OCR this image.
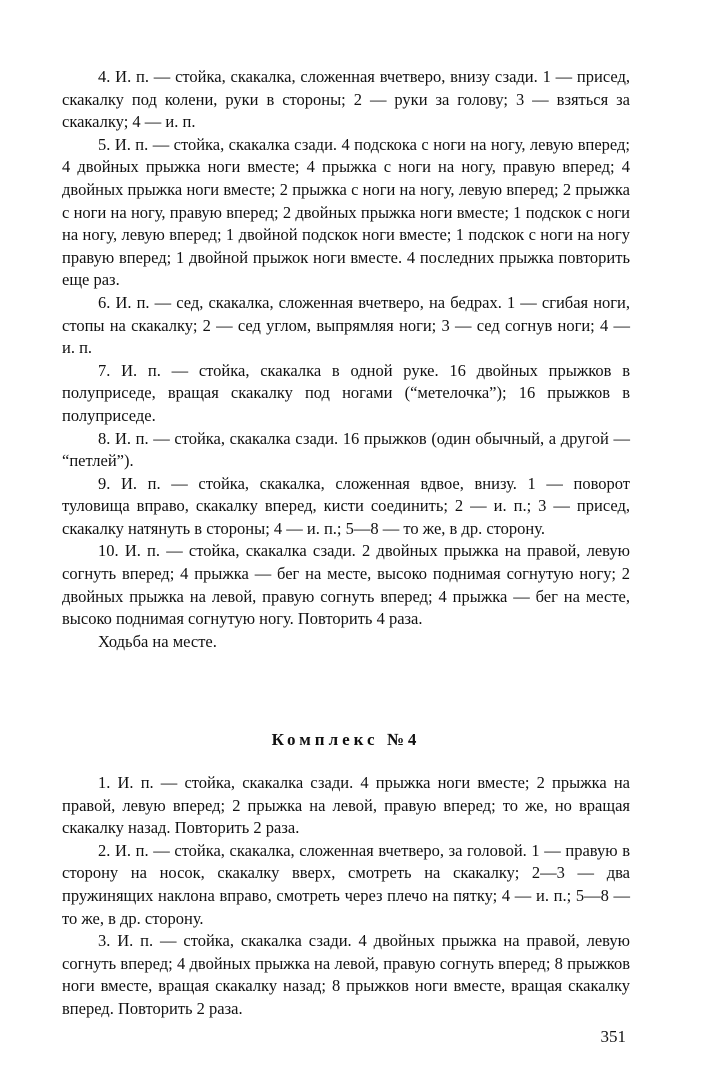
4. И. п. — стойка, скакалка, сложенная вчетверо, внизу сзади. 1 — присед, скакалку под колени, руки в стороны; 2 — руки за голову; 3 — взяться за скакалку; 4 — и. п.

5. И. п. — стойка, скакалка сзади. 4 подскока с ноги на ногу, левую вперед; 4 двойных прыжка ноги вместе; 4 прыжка с ноги на ногу, правую вперед; 4 двойных прыжка ноги вместе; 2 прыжка с ноги на ногу, левую вперед; 2 прыжка с ноги на ногу, правую вперед; 2 двойных прыжка ноги вместе; 1 подскок с ноги на ногу, левую вперед; 1 двойной подскок ноги вместе; 1 подскок с ноги на ногу правую вперед; 1 двойной прыжок ноги вместе. 4 последних прыжка повторить еще раз.

6. И. п. — сед, скакалка, сложенная вчетверо, на бедрах. 1 — сгибая ноги, стопы на скакалку; 2 — сед углом, выпрямляя ноги; 3 — сед согнув ноги; 4 — и. п.

7. И. п. — стойка, скакалка в одной руке. 16 двойных прыжков в полуприседе, вращая скакалку под ногами (“метелочка”); 16 прыжков в полуприседе.

8. И. п. — стойка, скакалка сзади. 16 прыжков (один обычный, а другой — “петлей”).

9. И. п. — стойка, скакалка, сложенная вдвое, внизу. 1 — поворот туловища вправо, скакалку вперед, кисти соединить; 2 — и. п.; 3 — присед, скакалку натянуть в стороны; 4 — и. п.; 5—8 — то же, в др. сторону.

10. И. п. — стойка, скакалка сзади. 2 двойных прыжка на правой, левую согнуть вперед; 4 прыжка — бег на месте, высоко поднимая согнутую ногу; 2 двойных прыжка на левой, правую согнуть вперед; 4 прыжка — бег на месте, высоко поднимая согнутую ногу. Повторить 4 раза.

Ходьба на месте.

Комплекс №4

1. И. п. — стойка, скакалка сзади. 4 прыжка ноги вместе; 2 прыжка на правой, левую вперед; 2 прыжка на левой, правую вперед; то же, но вращая скакалку назад. Повторить 2 раза.

2. И. п. — стойка, скакалка, сложенная вчетверо, за головой. 1 — правую в сторону на носок, скакалку вверх, смотреть на скакалку; 2—3 — два пружинящих наклона вправо, смотреть через плечо на пятку; 4 — и. п.; 5—8 — то же, в др. сторону.

3. И. п. — стойка, скакалка сзади. 4 двойных прыжка на правой, левую согнуть вперед; 4 двойных прыжка на левой, правую согнуть вперед; 8 прыжков ноги вместе, вращая скакалку назад; 8 прыжков ноги вместе, вращая скакалку вперед. Повторить 2 раза.

351
